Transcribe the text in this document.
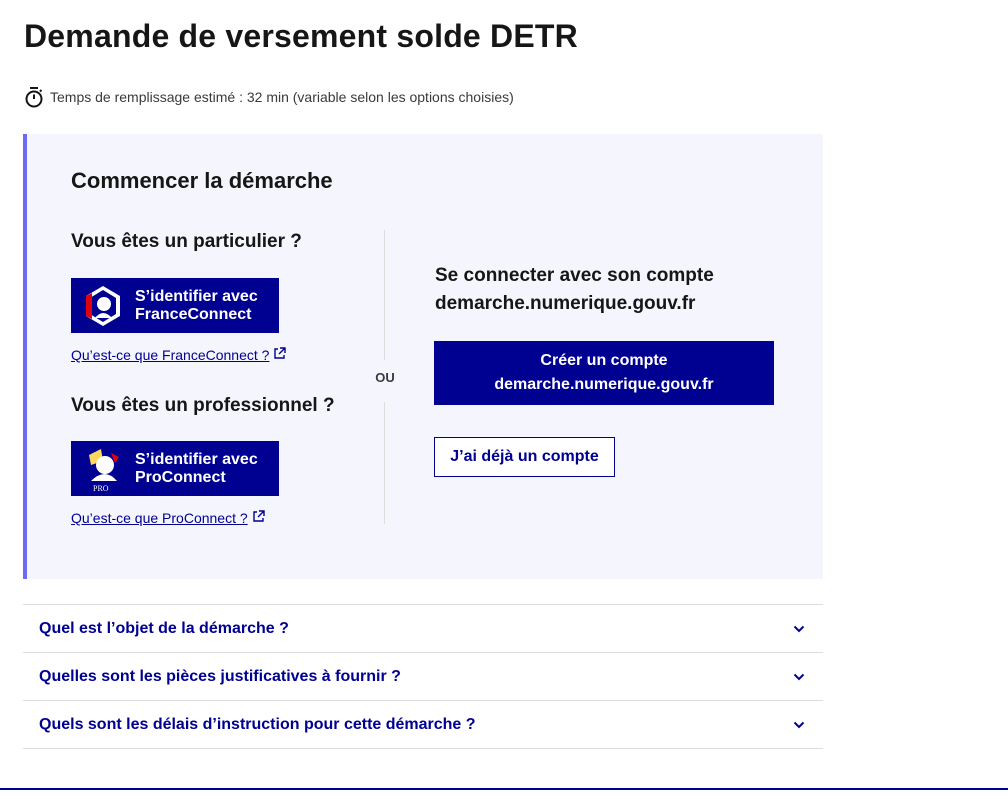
Demande de versement solde DETR
Temps de remplissage estimé : 32 min (variable selon les options choisies)
Commencer la démarche
Vous êtes un particulier ?
S’identifier avec
FranceConnect
Qu’est-ce que FranceConnect ?
OU
Vous êtes un professionnel ?
PRO
S’identifier avec
ProConnect
Qu’est-ce que ProConnect ?
Se connecter avec son compte demarche.numerique.gouv.fr
Créer un compte
demarche.numerique.gouv.fr
J’ai déjà un compte
Quel est l’objet de la démarche ?
Quelles sont les pièces justificatives à fournir ?
Quels sont les délais d’instruction pour cette démarche ?
